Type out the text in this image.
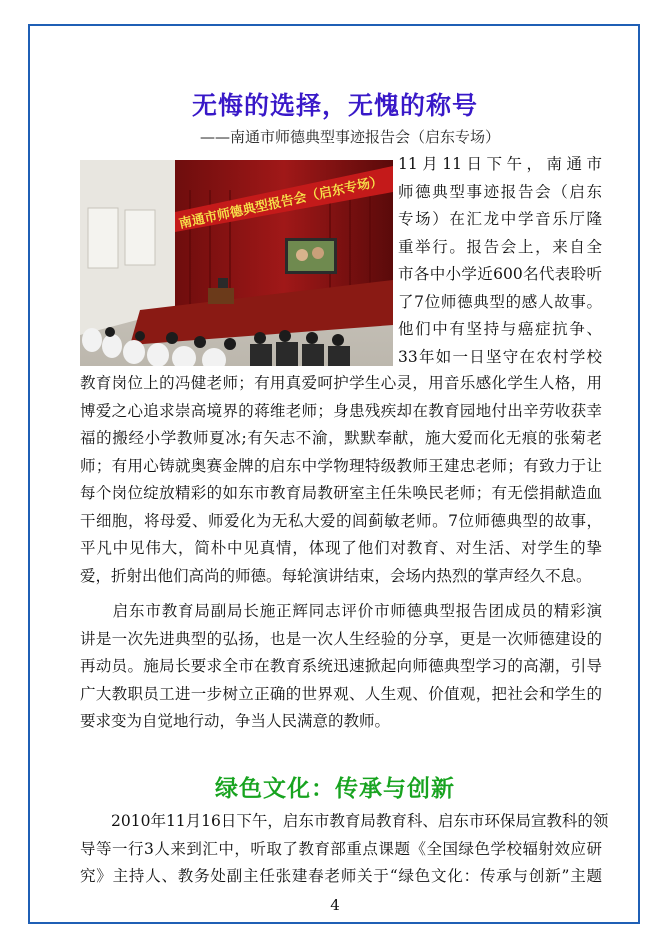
无悔的选择，无愧的称号
——南通市师德典型事迹报告会（启东专场）
南通市师德典型报告会（启东专场）
11月11日下午，南通市
师德典型事迹报告会（启东
专场）在汇龙中学音乐厅隆
重举行。报告会上，来自全
市各中小学近600名代表聆听
了7位师德典型的感人故事。
他们中有坚持与癌症抗争、
33年如一日坚守在农村学校
教育岗位上的冯健老师；有用真爱呵护学生心灵，用音乐感化学生人格，用
博爱之心追求崇高境界的蒋维老师；身患残疾却在教育园地付出辛劳收获幸
福的搬经小学教师夏冰;有矢志不渝，默默奉献，施大爱而化无痕的张菊老
师；有用心铸就奥赛金牌的启东中学物理特级教师王建忠老师；有致力于让
每个岗位绽放精彩的如东市教育局教研室主任朱唤民老师；有无偿捐献造血
干细胞，将母爱、师爱化为无私大爱的闾蓟敏老师。7位师德典型的故事，
平凡中见伟大，简朴中见真情，体现了他们对教育、对生活、对学生的挚
爱，折射出他们高尚的师德。每轮演讲结束，会场内热烈的掌声经久不息。
　　启东市教育局副局长施正辉同志评价市师德典型报告团成员的精彩演
讲是一次先进典型的弘扬，也是一次人生经验的分享，更是一次师德建设的
再动员。施局长要求全市在教育系统迅速掀起向师德典型学习的高潮，引导
广大教职员工进一步树立正确的世界观、人生观、价值观，把社会和学生的
要求变为自觉地行动，争当人民满意的教师。
绿色文化：传承与创新
　　2010年11月16日下午，启东市教育局教育科、启东市环保局宣教科的领
导等一行3人来到汇中，听取了教育部重点课题《全国绿色学校辐射效应研
究》主持人、教务处副主任张建春老师关于“绿色文化：传承与创新”主题
4
